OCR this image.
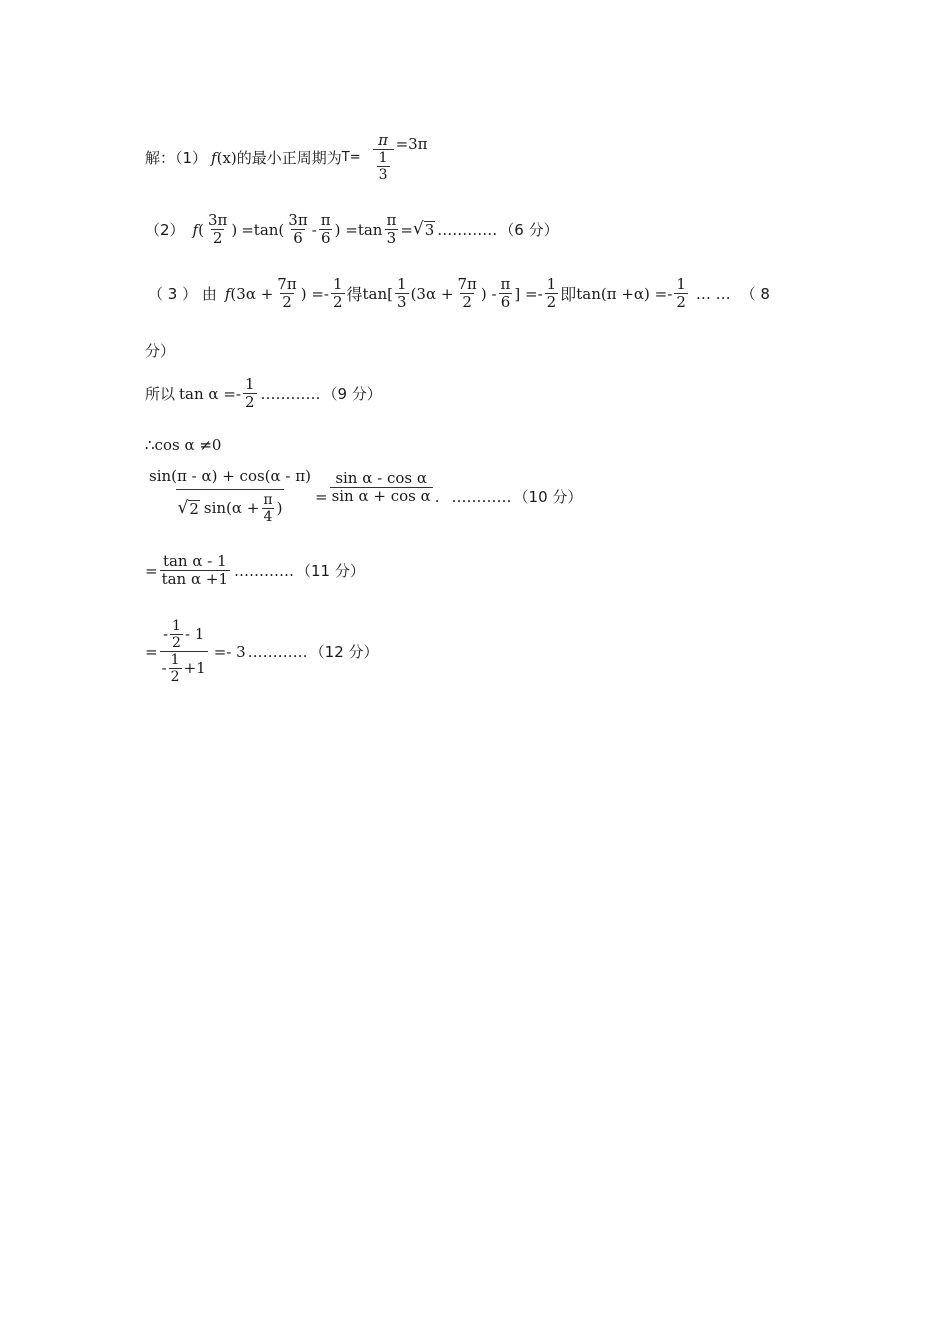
解：（1） f (x) 的最小正周期为 $T= \frac{\pi}{\frac{1}{3}} =3\pi$
（2） f ( $\frac{3\pi}{2}$ ) $=\tan( \frac{3\pi}{6} - \frac{\pi}{6}$ ) $=\tan \frac{\pi}{3}$ = √ 3 ………… （6 分）
（ 3 ） 由 f ($3\alpha + \frac{7\pi}{2}$ ) =- $\frac{1}{2}$ 得 $\tan[ \frac{1}{3} (3\alpha + \frac{7\pi}{2}$ ) - $\frac{\pi}{6}$ ] =- $\frac{1}{2}$ 即 $\tan(\pi +\alpha) =- \frac{1}{2}$ … … （ 8
分）
所以 $\tan \alpha =- \frac{1}{2}$ ………… （9 分）
∴cos α ≠0
sin(π - α) + cos(α - π)
√ 2 $\sin(\alpha + \frac{\pi}{4}$ )
= $\frac{\text{sin α - cos α}}{\text{sin α + cos α}}$ . ………… （10 分）
= $\frac{\text{tan α - 1}}{\text{tan α +1}}$ ………… （11 分）
= $\frac{- \frac{1}{2} - 1}{- \frac{1}{2} +1} =- 3$ ………… （12 分）
